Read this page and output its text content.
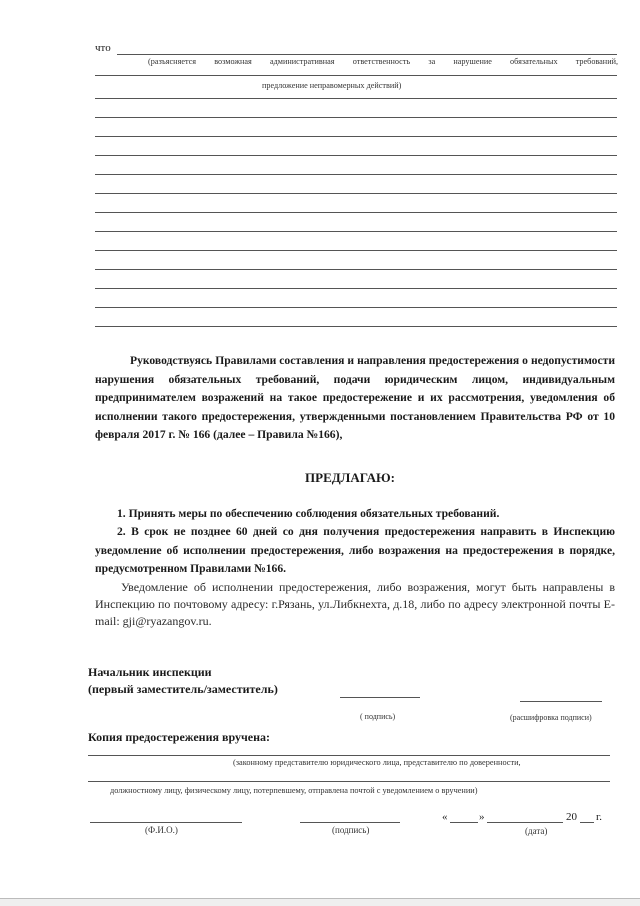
что
(разъясняется возможная административная ответственность за нарушение обязательных требований,
предложение неправомерных действий)
Руководствуясь Правилами составления и направления предостережения о недопустимости нарушения обязательных требований, подачи юридическим лицом, индивидуальным предпринимателем возражений на такое предостережение и их рассмотрения, уведомления об исполнении такого предостережения, утвержденными постановлением Правительства РФ от 10 февраля 2017 г. № 166 (далее – Правила №166),
ПРЕДЛАГАЮ:
1. Принять меры по обеспечению соблюдения обязательных требований.
2. В срок не позднее 60 дней со дня получения предостережения направить в Инспекцию уведомление об исполнении предостережения, либо возражения на предостережения в порядке, предусмотренном Правилами №166.
Уведомление об исполнении предостережения, либо возражения, могут быть направлены в Инспекцию по почтовому адресу: г.Рязань, ул.Либкнехта, д.18, либо по адресу электронной почты E-mail: gji@ryazangov.ru.
Начальник инспекции
(первый заместитель/заместитель)
( подпись)	(расшифровка подписи)
Копия предостережения вручена:
(законному представителю юридического лица, представителю по доверенности,
должностному лицу, физическому лицу, потерпевшему, отправлена почтой с уведомлением о вручении)
(Ф.И.О.)	(подпись)
«	»	20 г.
(дата)
